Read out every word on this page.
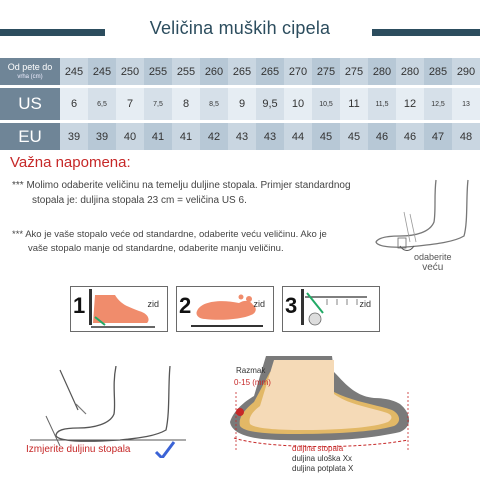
Veličina muških cipela
Od pete do
vrha (cm)	245	245	250	255	255	260	265	265	270	275	275	280	280	285	290

US	6	6,5	7	7,5	8	8,5	9	9,5	10	10,5	11	11,5	12	12,5	13

EU	39	39	40	41	41	42	43	43	44	45	45	46	46	47	48
Važna napomena:
*** Molimo odaberite veličinu na temelju duljine stopala. Primjer standardnog
stopala je: duljina stopala 23 cm = veličina US 6.
*** Ako je vaše stopalo veće od standardne, odaberite veću veličinu. Ako je
vaše stopalo manje od standardne, odaberite manju veličinu.
odaberite
veću
1	zid 2	zid 3	zid
Izmjerite duljinu stopala
Razmak
0-15 (mm)
duljina stopala
duljina uloška Xx
duljina potplata X
